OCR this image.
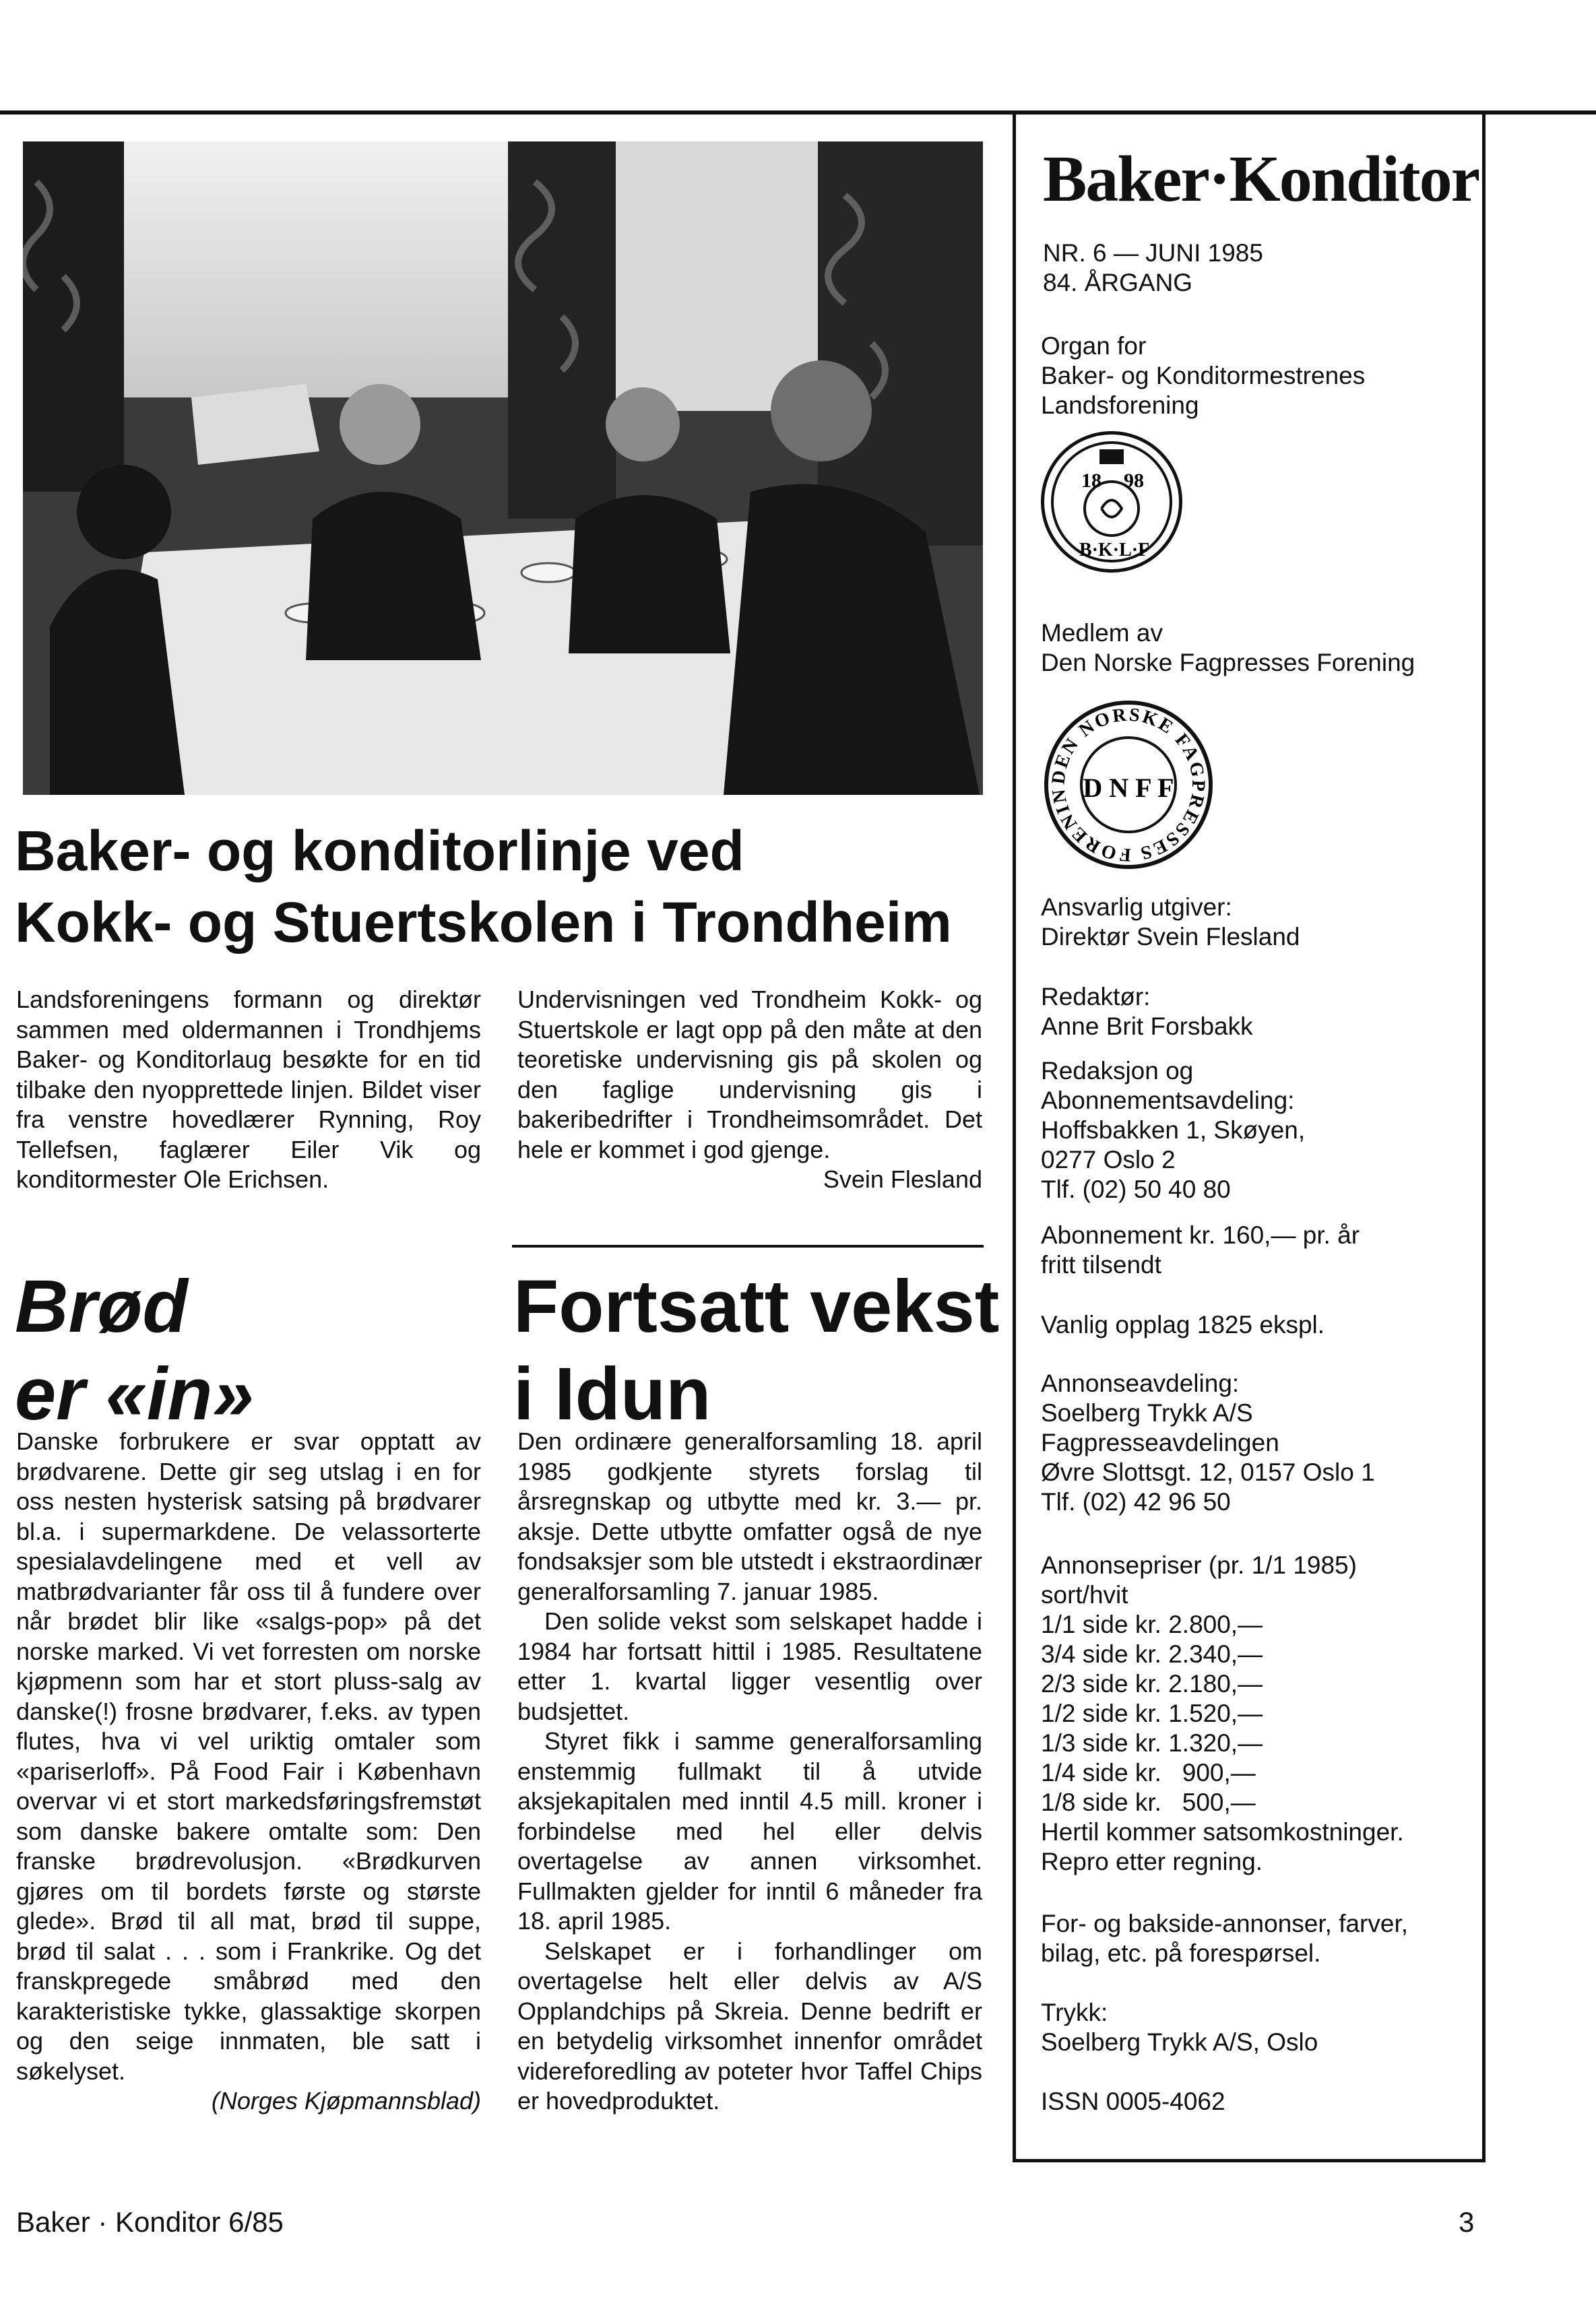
Baker·Konditor
NR. 6 — JUNI 1985
84. ÅRGANG
Organ for
Baker- og Konditormestrenes
Landsforening
18 98
B·K·L·F
Medlem av
Den Norske Fagpresses Forening
DEN NORSKE FAGPRESSES FORENIN D N F F
Ansvarlig utgiver:
Direktør Svein Flesland
Redaktør:
Anne Brit Forsbakk
Redaksjon og
Abonnementsavdeling:
Hoffsbakken 1, Skøyen,
0277 Oslo 2
Tlf. (02) 50 40 80
Abonnement kr. 160,— pr. år
fritt tilsendt
Vanlig opplag 1825 ekspl.
Annonseavdeling:
Soelberg Trykk A/S
Fagpresseavdelingen
Øvre Slottsgt. 12, 0157 Oslo 1
Tlf. (02) 42 96 50
Annonsepriser (pr. 1/1 1985)
sort/hvit
1/1 side kr. 2.800,—
3/4 side kr. 2.340,—
2/3 side kr. 2.180,—
1/2 side kr. 1.520,—
1/3 side kr. 1.320,—
1/4 side kr.   900,—
1/8 side kr.   500,—
Hertil kommer satsomkostninger.
Repro etter regning.
For- og bakside-annonser, farver,
bilag, etc. på forespørsel.
Trykk:
Soelberg Trykk A/S, Oslo
ISSN 0005-4062
Baker- og konditorlinje ved
Kokk- og Stuertskolen i Trondheim

Landsforeningens formann og direktør sammen med oldermannen i Trondhjems Baker- og Konditorlaug besøkte for en tid tilbake den nyopprettede linjen. Bildet viser fra venstre hovedlærer Rynning, Roy Tellefsen, faglærer Eiler Vik og konditormester Ole Erichsen.

Undervisningen ved Trondheim Kokk- og Stuertskole er lagt opp på den måte at den teoretiske undervisning gis på skolen og den faglige undervisning gis i bakeribedrifter i Trondheimsområdet. Det hele er kommet i god gjenge.

Svein Flesland
Brød
er «in»

Danske forbrukere er svar opptatt av brødvarene. Dette gir seg utslag i en for oss nesten hysterisk satsing på brødvarer bl.a. i supermarkdene. De velassorterte spesialavdelingene med et vell av matbrødvarianter får oss til å fundere over når brødet blir like «salgs-pop» på det norske marked. Vi vet forresten om norske kjøpmenn som har et stort pluss-salg av danske(!) frosne brødvarer, f.eks. av typen flutes, hva vi vel uriktig omtaler som «pariserloff». På Food Fair i København overvar vi et stort markedsføringsfremstøt som danske bakere omtalte som: Den franske brødrevolusjon. «Brødkurven gjøres om til bordets første og største glede». Brød til all mat, brød til suppe, brød til salat . . . som i Frankrike. Og det franskpregede småbrød med den karakteristiske tykke, glassaktige skorpen og den seige innmaten, ble satt i søkelyset.

(Norges Kjøpmannsblad)
Fortsatt vekst
i Idun

Den ordinære generalforsamling 18. april 1985 godkjente styrets forslag til årsregnskap og utbytte med kr. 3.— pr. aksje. Dette utbytte omfatter også de nye fondsaksjer som ble utstedt i ekstraordinær generalforsamling 7. januar 1985.

Den solide vekst som selskapet hadde i 1984 har fortsatt hittil i 1985. Resultatene etter 1. kvartal ligger vesentlig over budsjettet.

Styret fikk i samme generalforsamling enstemmig fullmakt til å utvide aksjekapitalen med inntil 4.5 mill. kroner i forbindelse med hel eller delvis overtagelse av annen virksomhet. Fullmakten gjelder for inntil 6 måneder fra 18. april 1985.

Selskapet er i forhandlinger om overtagelse helt eller delvis av A/S Opplandchips på Skreia. Denne bedrift er en betydelig virksomhet innenfor området videreforedling av poteter hvor Taffel Chips er hovedproduktet.

Baker · Konditor 6/85	3
